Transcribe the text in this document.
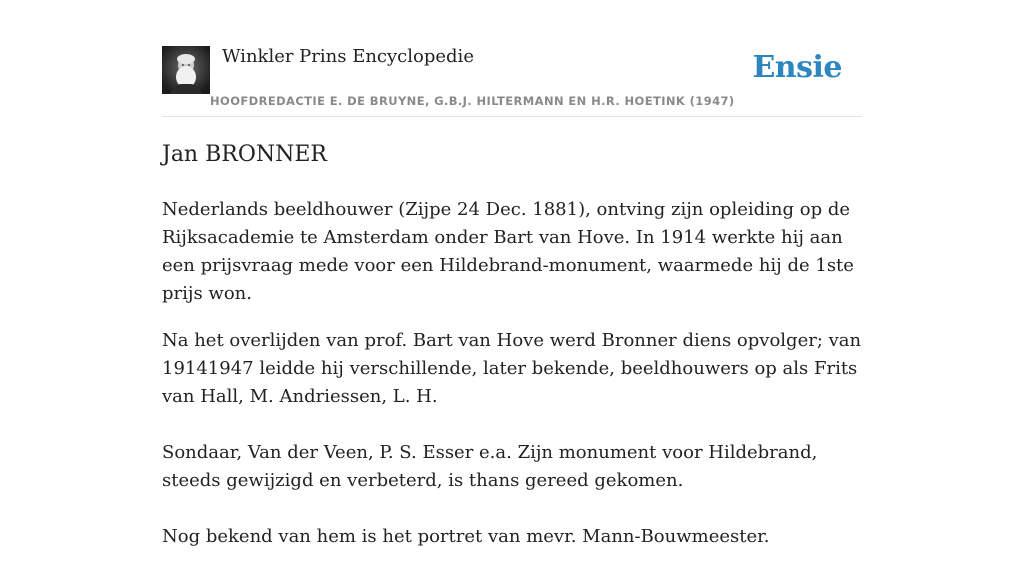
Winkler Prins Encyclopedie
HOOFDREDACTIE E. DE BRUYNE, G.B.J. HILTERMANN EN H.R. HOETINK (1947)
Ensie
Jan BRONNER

Nederlands beeldhouwer (Zijpe 24 Dec. 1881), ontving zijn opleiding op de Rijksacademie te Amsterdam onder Bart van Hove. In 1914 werkte hij aan een prijsvraag mede voor een Hildebrand-monument, waarmede hij de 1ste prijs won.

Na het overlijden van prof. Bart van Hove werd Bronner diens opvolger; van 19141947 leidde hij verschillende, later bekende, beeldhouwers op als Frits van Hall, M. Andriessen, L. H.

Sondaar, Van der Veen, P. S. Esser e.a. Zijn monument voor Hildebrand, steeds gewijzigd en verbeterd, is thans gereed gekomen.

Nog bekend van hem is het portret van mevr. Mann-Bouwmeester.
